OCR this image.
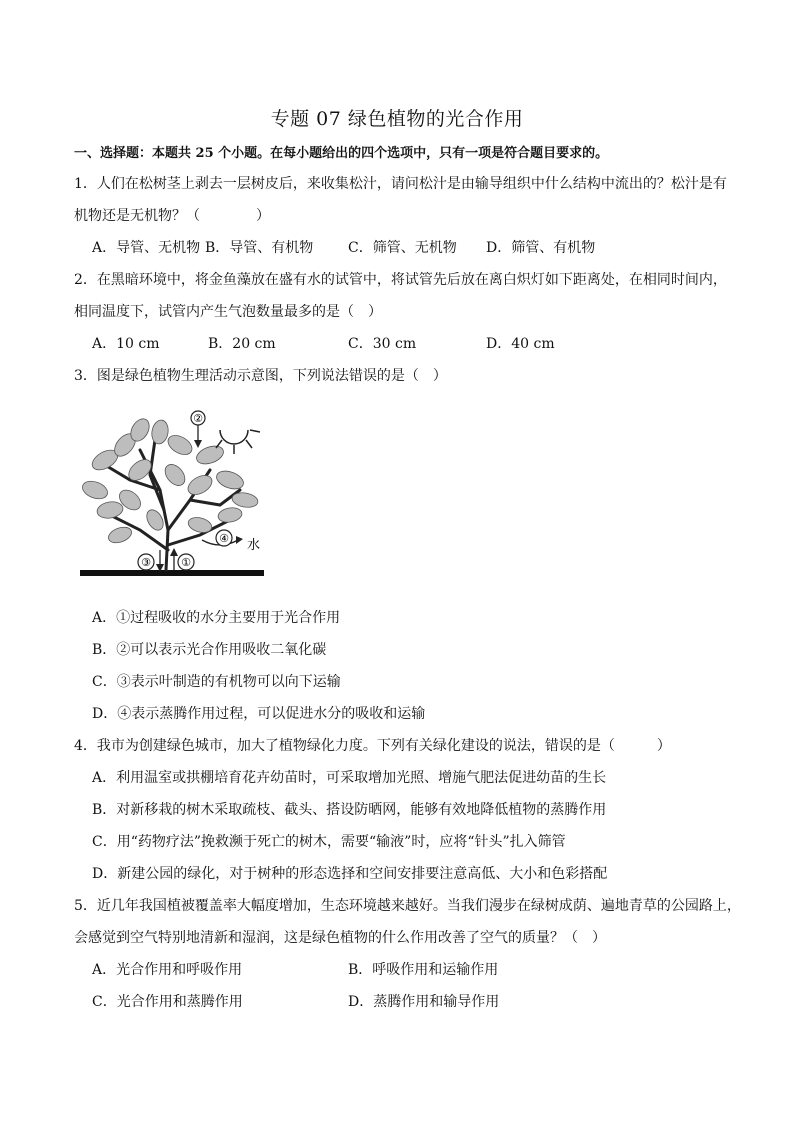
专题 07 绿色植物的光合作用
一、选择题：本题共 25 个小题。在每小题给出的四个选项中，只有一项是符合题目要求的。
1．人们在松树茎上剥去一层树皮后，来收集松汁，请问松汁是由输导组织中什么结构中流出的？松汁是有
机物还是无机物？（　　　　）
A．导管、无机物 B．导管、有机物 C．筛管、无机物 D．筛管、有机物
2．在黑暗环境中，将金鱼藻放在盛有水的试管中，将试管先后放在离白炽灯如下距离处，在相同时间内，
相同温度下，试管内产生气泡数量最多的是（　）
A．10 cm	B．20 cm	C．30 cm	D．40 cm
3．图是绿色植物生理活动示意图，下列说法错误的是（　）
②
④ 水
①
③
A．①过程吸收的水分主要用于光合作用
B．②可以表示光合作用吸收二氧化碳
C．③表示叶制造的有机物可以向下运输
D．④表示蒸腾作用过程，可以促进水分的吸收和运输
4．我市为创建绿色城市，加大了植物绿化力度。下列有关绿化建设的说法，错误的是（　　　）
A．利用温室或拱棚培育花卉幼苗时，可采取增加光照、增施气肥法促进幼苗的生长
B．对新移栽的树木采取疏枝、截头、搭设防晒网，能够有效地降低植物的蒸腾作用
C．用“药物疗法”挽救濒于死亡的树木，需要“输液”时，应将“针头”扎入筛管
D．新建公园的绿化，对于树种的形态选择和空间安排要注意高低、大小和色彩搭配
5．近几年我国植被覆盖率大幅度增加，生态环境越来越好。当我们漫步在绿树成荫、遍地青草的公园路上，
会感觉到空气特别地清新和湿润，这是绿色植物的什么作用改善了空气的质量？（　）
A．光合作用和呼吸作用	B．呼吸作用和运输作用
C．光合作用和蒸腾作用	D．蒸腾作用和输导作用
